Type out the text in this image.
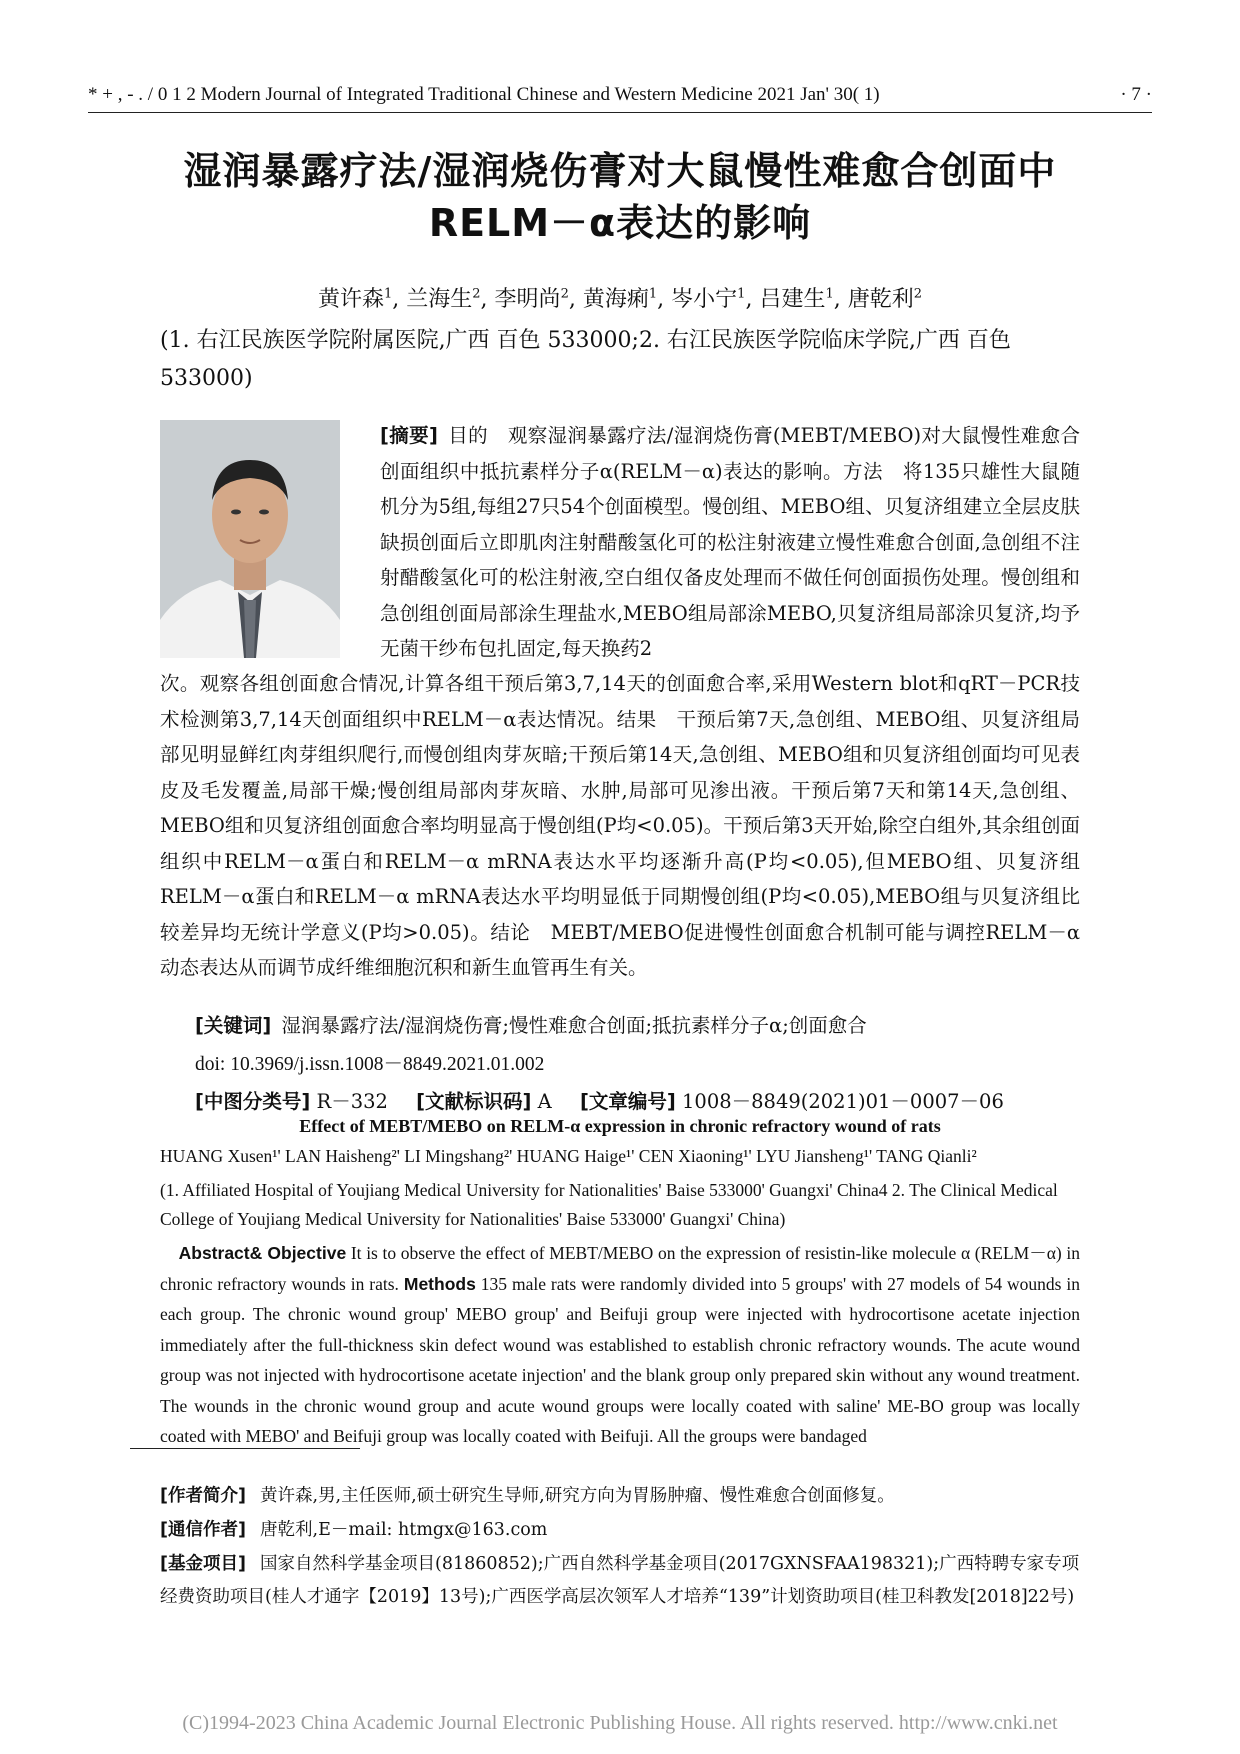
* + , - . / 0 1 2 Modern Journal of Integrated Traditional Chinese and Western Medicine 2021 Jan' 30( 1)	· 7 ·
湿润暴露疗法/湿润烧伤膏对大鼠慢性难愈合创面中
RELM－α表达的影响
黄许森$^1$, 兰海生$^2$, 李明尚$^2$, 黄海痢$^1$, 岑小宁$^1$, 吕建生$^1$, 唐乾利$^2$
(1. 右江民族医学院附属医院,广西 百色 533000;2. 右江民族医学院临床学院,广西 百色 533000)
[摘要] 目的　观察湿润暴露疗法/湿润烧伤膏(MEBT/MEBO)对大鼠慢性难愈合创面组织中抵抗素样分子α(RELM－α)表达的影响。方法　将135只雄性大鼠随机分为5组,每组27只54个创面模型。慢创组、MEBO组、贝复济组建立全层皮肤缺损创面后立即肌肉注射醋酸氢化可的松注射液建立慢性难愈合创面,急创组不注射醋酸氢化可的松注射液,空白组仅备皮处理而不做任何创面损伤处理。慢创组和急创组创面局部涂生理盐水,MEBO组局部涂MEBO,贝复济组局部涂贝复济,均予无菌干纱布包扎固定,每天换药2
次。观察各组创面愈合情况,计算各组干预后第3,7,14天的创面愈合率,采用Western blot和qRT－PCR技术检测第3,7,14天创面组织中RELM－α表达情况。结果　干预后第7天,急创组、MEBO组、贝复济组局部见明显鲜红肉芽组织爬行,而慢创组肉芽灰暗;干预后第14天,急创组、MEBO组和贝复济组创面均可见表皮及毛发覆盖,局部干燥;慢创组局部肉芽灰暗、水肿,局部可见渗出液。干预后第7天和第14天,急创组、MEBO组和贝复济组创面愈合率均明显高于慢创组(P均<0.05)。干预后第3天开始,除空白组外,其余组创面组织中RELM－α蛋白和RELM－α mRNA表达水平均逐渐升高(P均<0.05),但MEBO组、贝复济组RELM－α蛋白和RELM－α mRNA表达水平均明显低于同期慢创组(P均<0.05),MEBO组与贝复济组比较差异均无统计学意义(P均>0.05)。结论　MEBT/MEBO促进慢性创面愈合机制可能与调控RELM－α动态表达从而调节成纤维细胞沉积和新生血管再生有关。
[关键词] 湿润暴露疗法/湿润烧伤膏;慢性难愈合创面;抵抗素样分子α;创面愈合
doi: 10.3969/j.issn.1008－8849.2021.01.002
[中图分类号] R－332 [文献标识码] A [文章编号] 1008－8849(2021)01－0007－06
Effect of MEBT/MEBO on RELM-α expression in chronic refractory wound of rats
HUANG Xusen¹' LAN Haisheng²' LI Mingshang²' HUANG Haige¹' CEN Xiaoning¹' LYU Jiansheng¹' TANG Qianli²
(1. Affiliated Hospital of Youjiang Medical University for Nationalities' Baise 533000' Guangxi' China4 2. The Clinical Medical College of Youjiang Medical University for Nationalities' Baise 533000' Guangxi' China)
Abstract& Objective It is to observe the effect of MEBT/MEBO on the expression of resistin-like molecule α (RELM－α) in chronic refractory wounds in rats. Methods 135 male rats were randomly divided into 5 groups' with 27 models of 54 wounds in each group. The chronic wound group' MEBO group' and Beifuji group were injected with hydrocortisone acetate injection immediately after the full-thickness skin defect wound was established to establish chronic refractory wounds. The acute wound group was not injected with hydrocortisone acetate injection' and the blank group only prepared skin without any wound treatment. The wounds in the chronic wound group and acute wound groups were locally coated with saline' ME-BO group was locally coated with MEBO' and Beifuji group was locally coated with Beifuji. All the groups were bandaged
[作者简介] 黄许森,男,主任医师,硕士研究生导师,研究方向为胃肠肿瘤、慢性难愈合创面修复。
[通信作者] 唐乾利,E－mail: htmgx@163.com
[基金项目] 国家自然科学基金项目(81860852);广西自然科学基金项目(2017GXNSFAA198321);广西特聘专家专项经费资助项目(桂人才通字【2019】13号);广西医学高层次领军人才培养“139”计划资助项目(桂卫科教发[2018]22号)
(C)1994-2023 China Academic Journal Electronic Publishing House. All rights reserved. http://www.cnki.net
